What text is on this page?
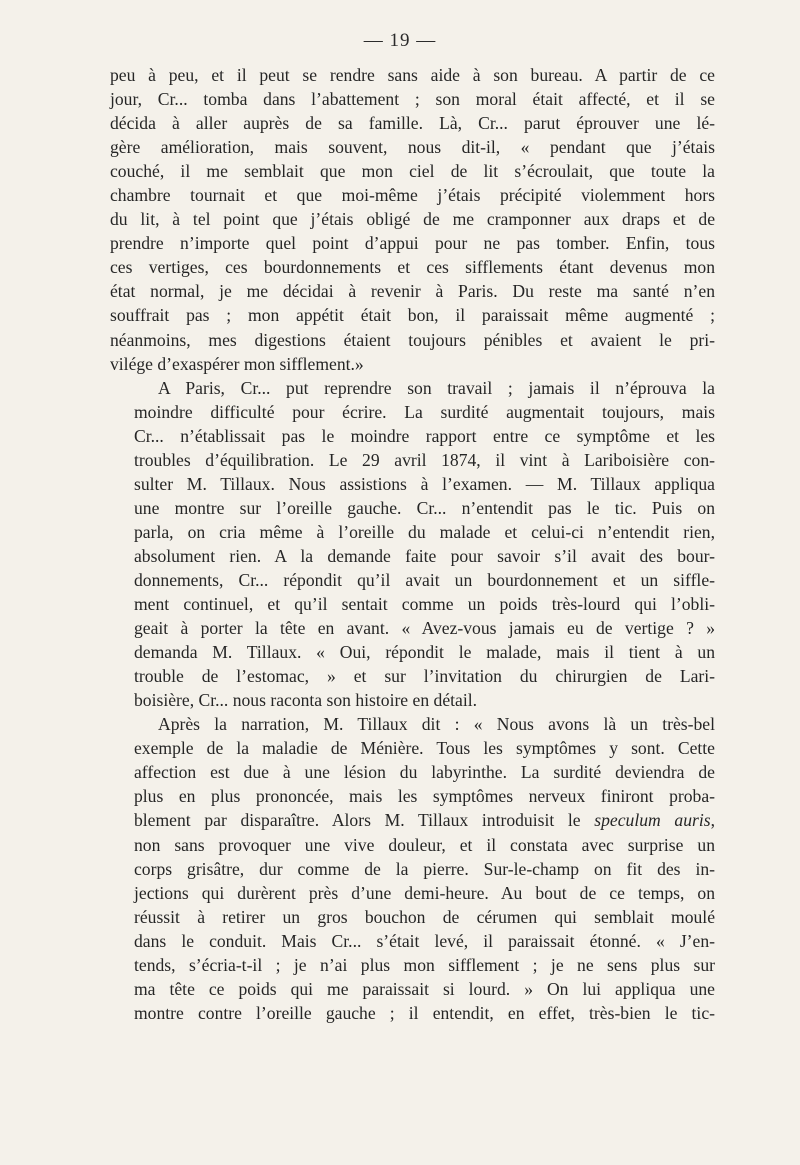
— 19 —

peu à peu, et il peut se rendre sans aide à son bureau. A partir de ce
jour, Cr... tomba dans l’abattement ; son moral était affecté, et il se
décida à aller auprès de sa famille. Là, Cr... parut éprouver une lé-
gère amélioration, mais souvent, nous dit-il, « pendant que j’étais
couché, il me semblait que mon ciel de lit s’écroulait, que toute la
chambre tournait et que moi-même j’étais précipité violemment hors
du lit, à tel point que j’étais obligé de me cramponner aux draps et de
prendre n’importe quel point d’appui pour ne pas tomber. Enfin, tous
ces vertiges, ces bourdonnements et ces sifflements étant devenus mon
état normal, je me décidai à revenir à Paris. Du reste ma santé n’en
souffrait pas ; mon appétit était bon, il paraissait même augmenté ;
néanmoins, mes digestions étaient toujours pénibles et avaient le pri-
vilége d’exaspérer mon sifflement.»

A Paris, Cr... put reprendre son travail ; jamais il n’éprouva la
moindre difficulté pour écrire. La surdité augmentait toujours, mais
Cr... n’établissait pas le moindre rapport entre ce symptôme et les
troubles d’équilibration. Le 29 avril 1874, il vint à Lariboisière con-
sulter M. Tillaux. Nous assistions à l’examen. — M. Tillaux appliqua
une montre sur l’oreille gauche. Cr... n’entendit pas le tic. Puis on
parla, on cria même à l’oreille du malade et celui-ci n’entendit rien,
absolument rien. A la demande faite pour savoir s’il avait des bour-
donnements, Cr... répondit qu’il avait un bourdonnement et un siffle-
ment continuel, et qu’il sentait comme un poids très-lourd qui l’obli-
geait à porter la tête en avant. « Avez-vous jamais eu de vertige ? »
demanda M. Tillaux. « Oui, répondit le malade, mais il tient à un
trouble de l’estomac, » et sur l’invitation du chirurgien de Lari-
boisière, Cr... nous raconta son histoire en détail.

Après la narration, M. Tillaux dit : « Nous avons là un très-bel
exemple de la maladie de Ménière. Tous les symptômes y sont. Cette
affection est due à une lésion du labyrinthe. La surdité deviendra de
plus en plus prononcée, mais les symptômes nerveux finiront proba-
blement par disparaître. Alors M. Tillaux introduisit le speculum auris,
non sans provoquer une vive douleur, et il constata avec surprise un
corps grisâtre, dur comme de la pierre. Sur-le-champ on fit des in-
jections qui durèrent près d’une demi-heure. Au bout de ce temps, on
réussit à retirer un gros bouchon de cérumen qui semblait moulé
dans le conduit. Mais Cr... s’était levé, il paraissait étonné. « J’en-
tends, s’écria-t-il ; je n’ai plus mon sifflement ; je ne sens plus sur
ma tête ce poids qui me paraissait si lourd. » On lui appliqua une
montre contre l’oreille gauche ; il entendit, en effet, très-bien le tic-
